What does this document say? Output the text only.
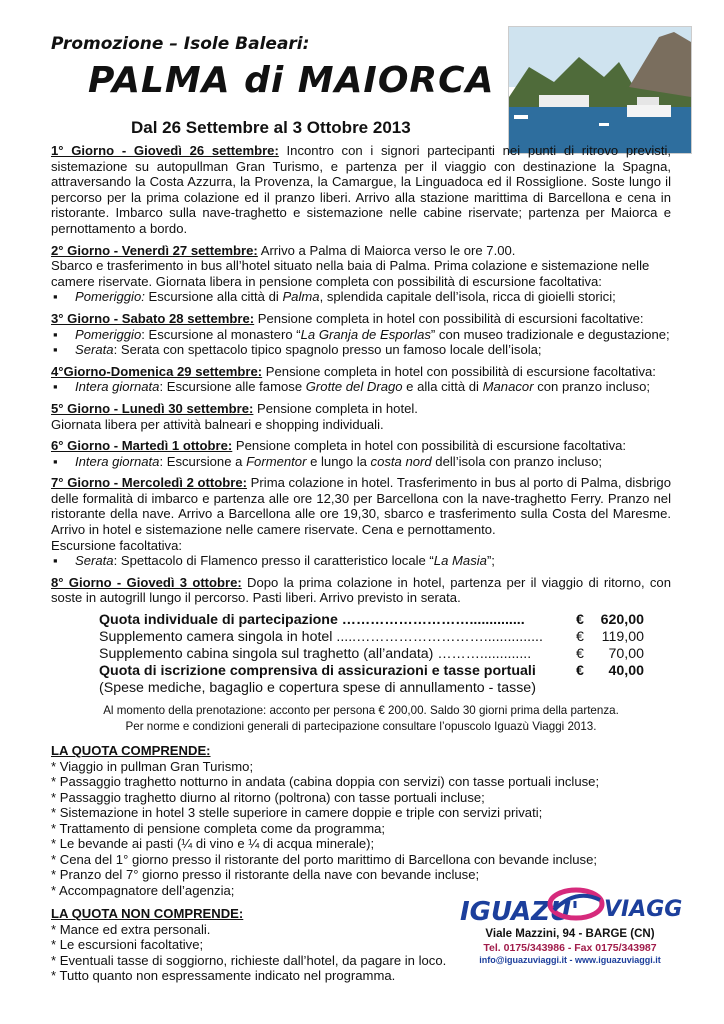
Promozione – Isole Baleari:
PALMA di MAIORCA
Dal 26 Settembre al 3 Ottobre 2013
1° Giorno - Giovedì 26 settembre: Incontro con i signori partecipanti nei punti di ritrovo previsti, sistemazione su autopullman Gran Turismo, e partenza per il viaggio con destinazione la Spagna, attraversando la Costa Azzurra, la Provenza, la Camargue, la Linguadoca ed il Rossiglione. Soste lungo il percorso per la prima colazione ed il pranzo liberi. Arrivo alla stazione marittima di Barcellona e cena in ristorante. Imbarco sulla nave-traghetto e sistemazione nelle cabine riservate; partenza per Maiorca e pernottamento a bordo.
2° Giorno - Venerdì 27 settembre: Arrivo a Palma di Maiorca verso le ore 7.00.
Sbarco e trasferimento in bus all’hotel situato nella baia di Palma. Prima colazione e sistemazione nelle camere riservate. Giornata libera in pensione completa con possibilità di escursione facoltativa:
▪	Pomeriggio: Escursione alla città di Palma, splendida capitale dell’isola, ricca di gioielli storici;
3° Giorno - Sabato 28 settembre: Pensione completa in hotel con possibilità di escursioni facoltative:
▪	Pomeriggio: Escursione al monastero “La Granja de Esporlas” con museo tradizionale e degustazione;
▪	Serata: Serata con spettacolo tipico spagnolo presso un famoso locale dell’isola;
4°Giorno-Domenica 29 settembre: Pensione completa in hotel con possibilità di escursione facoltativa:
▪	Intera giornata: Escursione alle famose Grotte del Drago e alla città di Manacor con pranzo incluso;
5° Giorno - Lunedì 30 settembre: Pensione completa in hotel.
Giornata libera per attività balneari e shopping individuali.
6° Giorno - Martedì 1 ottobre: Pensione completa in hotel con possibilità di escursione facoltativa:
▪	Intera giornata: Escursione a Formentor e lungo la costa nord dell’isola con pranzo incluso;
7° Giorno - Mercoledì 2 ottobre: Prima colazione in hotel. Trasferimento in bus al porto di Palma, disbrigo delle formalità di imbarco e partenza alle ore 12,30 per Barcellona con la nave-traghetto Ferry. Pranzo nel ristorante della nave. Arrivo a Barcellona alle ore 19,30, sbarco e trasferimento sulla Costa del Maresme. Arrivo in hotel e sistemazione nelle camere riservate. Cena e pernottamento.
Escursione facoltativa:
▪	Serata: Spettacolo di Flamenco presso il caratteristico locale “La Masia”;
8° Giorno - Giovedì 3 ottobre: Dopo la prima colazione in hotel, partenza per il viaggio di ritorno, con soste in autogrill lungo il percorso. Pasti liberi. Arrivo previsto in serata.
Quota individuale di partecipazione ………………………..............	€	620,00
Supplemento camera singola in hotel .....………………………...............	€	119,00
Supplemento cabina singola sul traghetto (all’andata) ……….............	€	70,00
Quota di iscrizione comprensiva di assicurazioni e tasse portuali	€	40,00
(Spese mediche, bagaglio e copertura spese di annullamento - tasse)
Al momento della prenotazione: acconto per persona € 200,00. Saldo 30 giorni prima della partenza.
Per norme e condizioni generali di partecipazione consultare l’opuscolo Iguazù Viaggi 2013.
LA QUOTA COMPRENDE:
* Viaggio in pullman Gran Turismo;
* Passaggio traghetto notturno in andata (cabina doppia con servizi) con tasse portuali incluse;
* Passaggio traghetto diurno al ritorno (poltrona) con tasse portuali incluse;
* Sistemazione in hotel 3 stelle superiore in camere doppie e triple con servizi privati;
* Trattamento di pensione completa come da programma;
* Le bevande ai pasti (¼ di vino e ¼ di acqua minerale);
* Cena del 1° giorno presso il ristorante del porto marittimo di Barcellona con bevande incluse;
* Pranzo del 7° giorno presso il ristorante della nave con bevande incluse;
* Accompagnatore dell’agenzia;
LA QUOTA NON COMPRENDE:
* Mance ed extra personali.
* Le escursioni facoltative;
* Eventuali tasse di soggiorno, richieste dall’hotel, da pagare in loco.
* Tutto quanto non espressamente indicato nel programma.
IGUAZU' VIAGGI
Viale Mazzini, 94 - BARGE (CN)
Tel. 0175/343986 - Fax 0175/343987
info@iguazuviaggi.it - www.iguazuviaggi.it
